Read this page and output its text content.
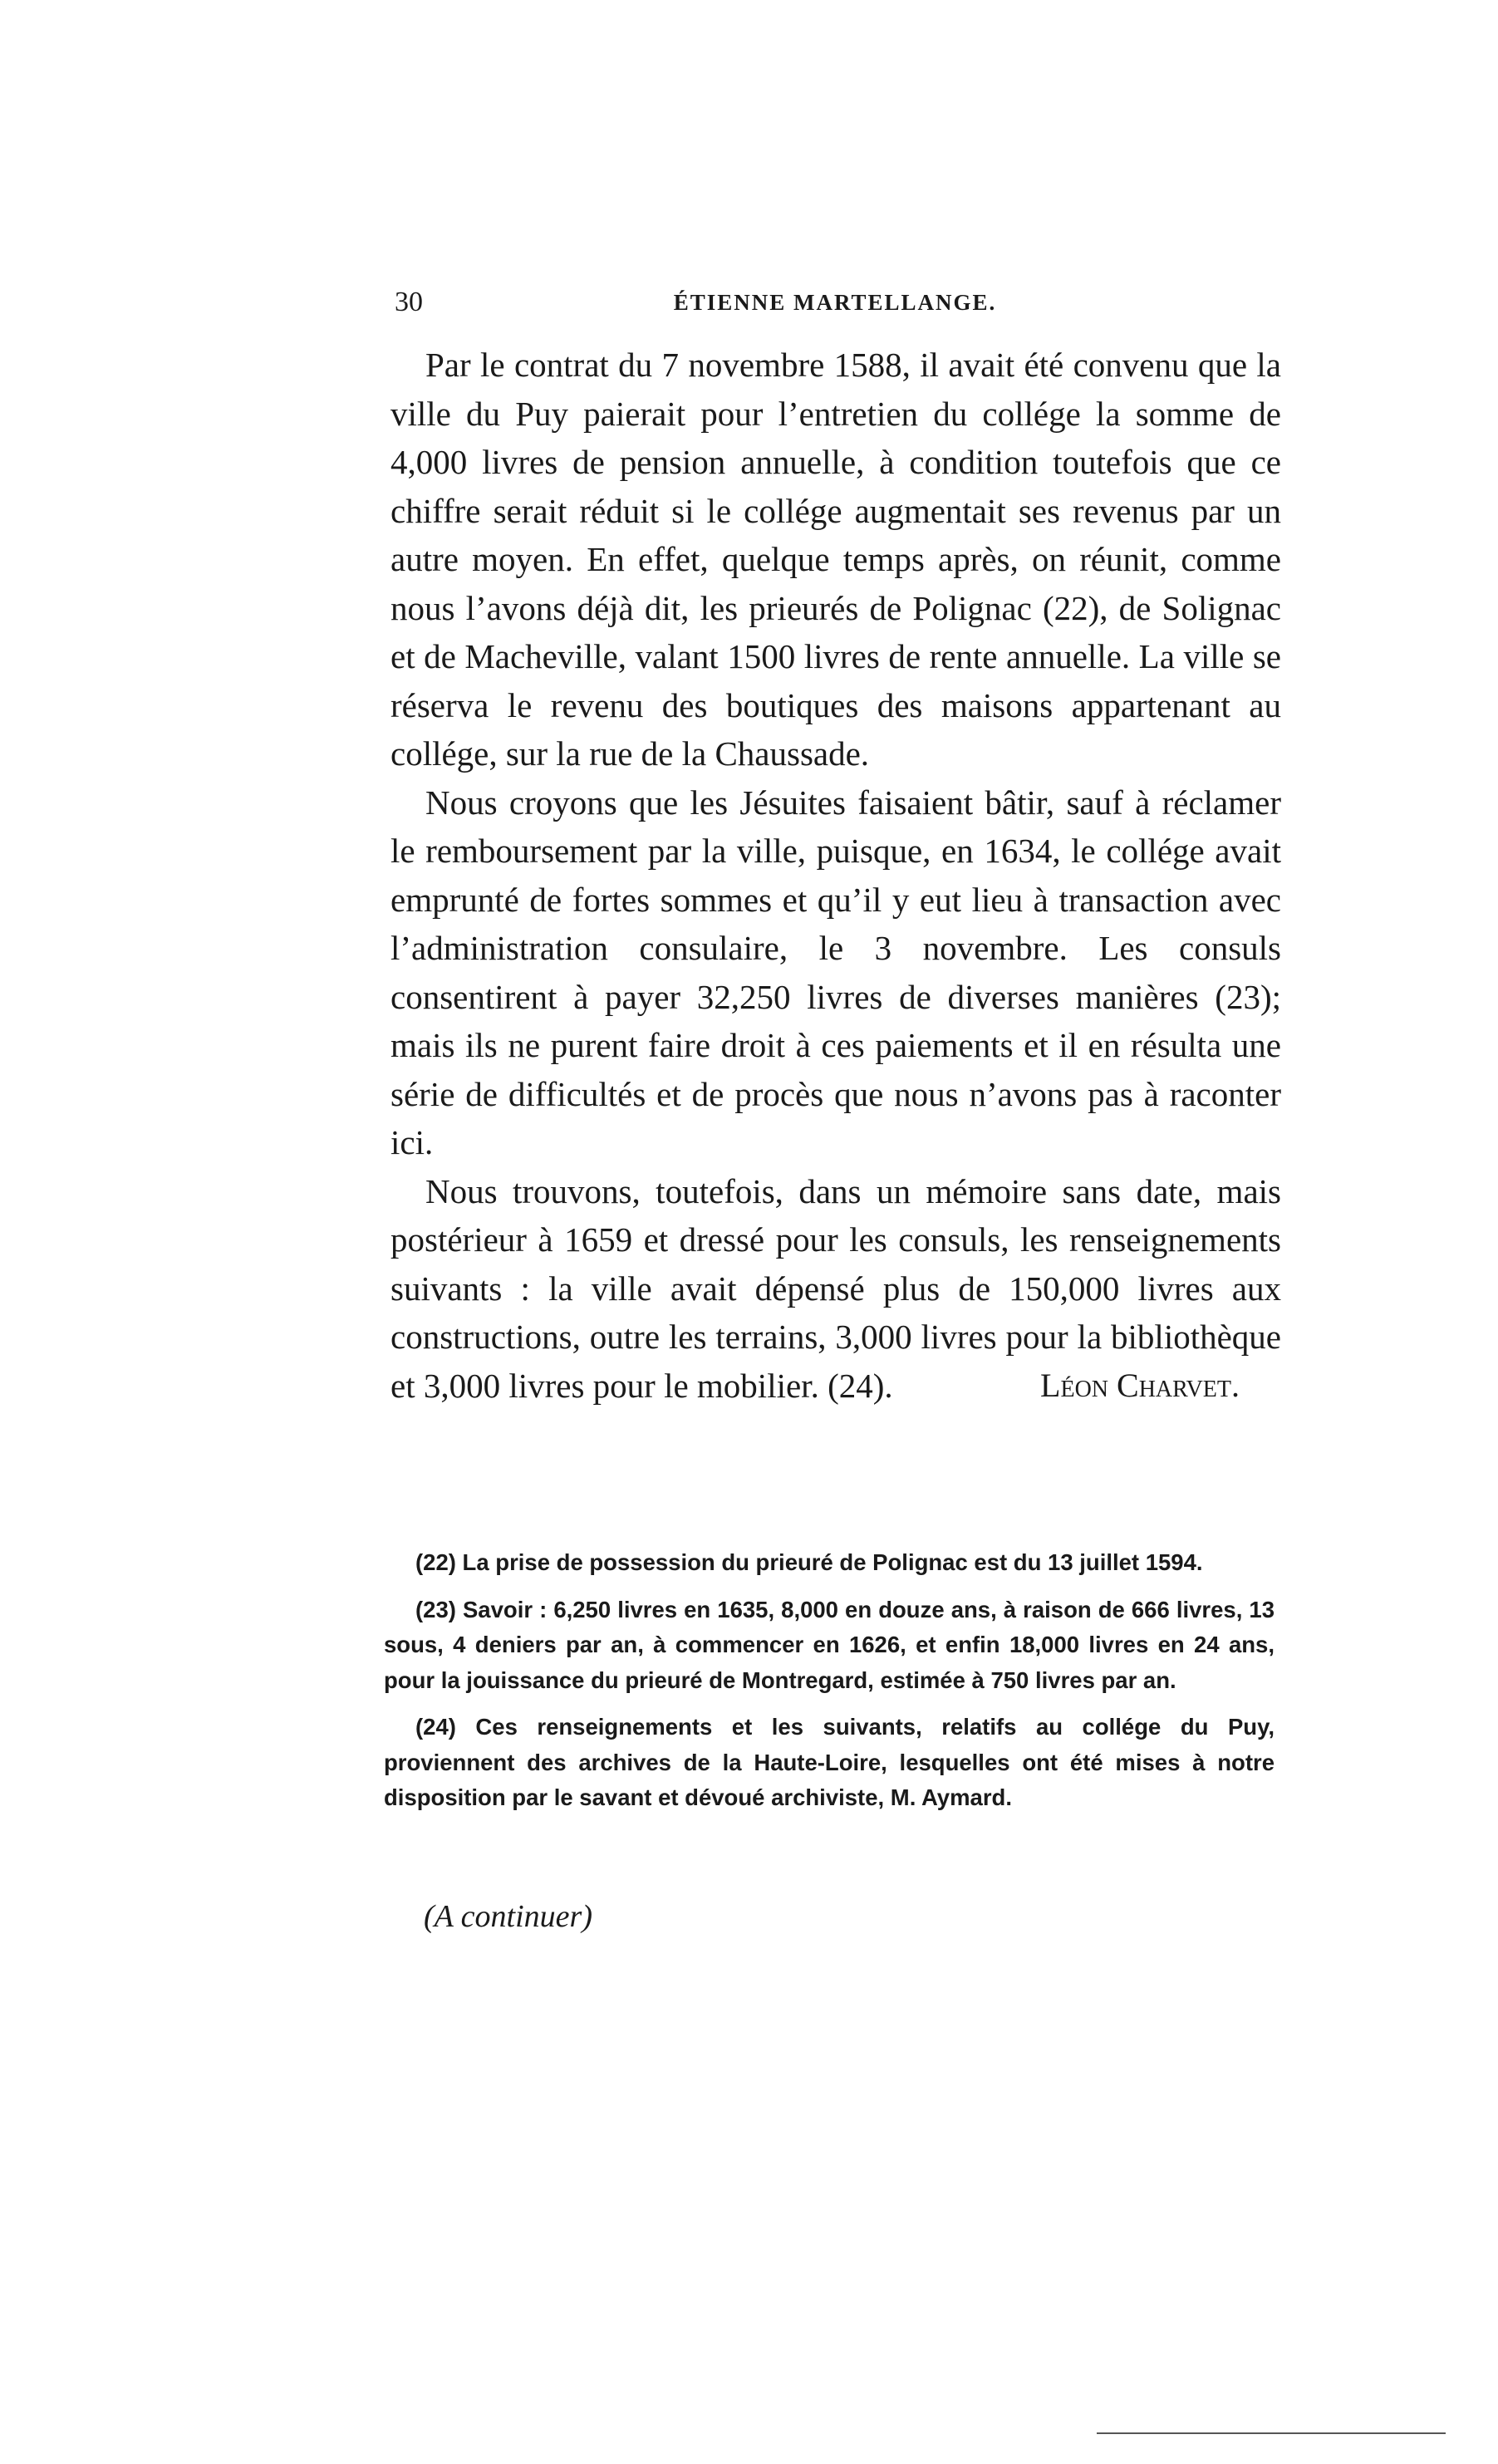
30	ÉTIENNE MARTELLANGE.

Par le contrat du 7 novembre 1588, il avait été convenu que la ville du Puy paierait pour l’entretien du collége la somme de 4,000 livres de pension annuelle, à condition toutefois que ce chiffre serait réduit si le collége augmentait ses revenus par un autre moyen. En effet, quelque temps après, on réunit, comme nous l’avons déjà dit, les prieurés de Polignac (22), de Solignac et de Macheville, valant 1500 livres de rente annuelle. La ville se réserva le revenu des boutiques des maisons appartenant au collége, sur la rue de la Chaussade.

Nous croyons que les Jésuites faisaient bâtir, sauf à réclamer le remboursement par la ville, puisque, en 1634, le collége avait emprunté de fortes sommes et qu’il y eut lieu à transaction avec l’administration consulaire, le 3 novembre. Les consuls consentirent à payer 32,250 livres de diverses manières (23); mais ils ne purent faire droit à ces paiements et il en résulta une série de difficultés et de procès que nous n’avons pas à raconter ici.

Nous trouvons, toutefois, dans un mémoire sans date, mais postérieur à 1659 et dressé pour les consuls, les renseignements suivants : la ville avait dépensé plus de 150,000 livres aux constructions, outre les terrains, 3,000 livres pour la bibliothèque et 3,000 livres pour le mobilier. (24).	Léon Charvet.

(22) La prise de possession du prieuré de Polignac est du 13 juillet 1594.

(23) Savoir : 6,250 livres en 1635, 8,000 en douze ans, à raison de 666 livres, 13 sous, 4 deniers par an, à commencer en 1626, et enfin 18,000 livres en 24 ans, pour la jouissance du prieuré de Montregard, estimée à 750 livres par an.

(24) Ces renseignements et les suivants, relatifs au collége du Puy, proviennent des archives de la Haute-Loire, lesquelles ont été mises à notre disposition par le savant et dévoué archiviste, M. Aymard.

(A continuer)
